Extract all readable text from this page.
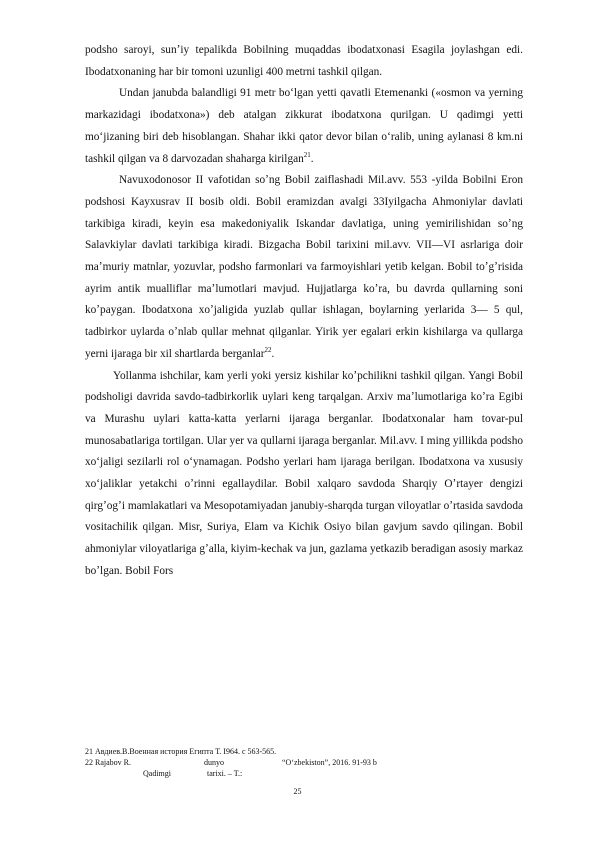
podsho saroyi, sunʼiy tepalikda Bobilning muqaddas ibodatxonasi Esagila joylashgan edi. Ibodatxonaning har bir tomoni uzunligi 400 metrni tashkil qilgan.

Undan janubda balandligi 91 metr bo‘lgan yetti qavatli Etemenanki («osmon va yerning markazidagi ibodatxona») deb atalgan zikkurat ibodatxona qurilgan. U qadimgi yetti mo‘jizaning biri deb hisoblangan. Shahar ikki qator devor bilan o‘ralib, uning aylanasi 8 km.ni tashkil qilgan va 8 darvozadan shaharga kirilgan$^{21}$.

Navuxodonosor II vafotidan soʼng Bobil zaiflashadi Mil.avv. 553 -yilda Bobilni Eron podshosi Kayxusrav II bosib oldi. Bobil eramizdan avalgi 33Iyilgacha Ahmoniylar davlati tarkibiga kiradi, keyin esa makedoniyalik Iskandar davlatiga, uning yemirilishidan soʼng Salavkiylar davlati tarkibiga kiradi. Bizgacha Bobil tarixini mil.avv. VII—VI asrlariga doir maʼmuriy matnlar, yozuvlar, podsho farmonlari va farmoyishlari yetib kelgan. Bobil toʼgʼrisida ayrim antik mualliflar maʼlumotlari mavjud. Hujjatlarga koʼra, bu davrda qullarning soni koʼpaygan. Ibodatxona xoʼjaligida yuzlab qullar ishlagan, boylarning yerlarida 3— 5 qul, tadbirkor uylarda oʼnlab qullar mehnat qilganlar. Yirik yer egalari erkin kishilarga va qullarga yerni ijaraga bir xil shartlarda berganlar$^{22}$.

Yollanma ishchilar, kam yerli yoki yersiz kishilar koʼpchilikni tashkil qilgan. Yangi Bobil podsholigi davrida savdo-tadbirkorlik uylari keng tarqalgan. Arxiv maʼlumotlariga koʼra Egibi va Murashu uylari katta-katta yerlarni ijaraga berganlar. Ibodatxonalar ham tovar-pul munosabatlariga tortilgan. Ular yer va qullarni ijaraga berganlar. Mil.avv. I ming yillikda podsho xo‘jaligi sezilarli rol o‘ynamagan. Podsho yerlari ham ijaraga berilgan. Ibodatxona va xususiy xo‘jaliklar yetakchi oʼrinni egallaydilar. Bobil xalqaro savdoda Sharqiy Oʼrtayer dengizi qirgʼogʼi mamlakatlari va Mesopotamiyadan janubiy-sharqda turgan viloyatlar oʼrtasida savdoda vositachilik qilgan. Misr, Suriya, Elam va Kichik Osiyo bilan gavjum savdo qilingan. Bobil ahmoniylar viloyatlariga gʼalla, kiyim-kechak va jun, gazlama yetkazib beradigan asosiy markaz boʼlgan. Bobil Fors

21 Авдиев.В.Военная история Египта Т. I964. с 563-565.
22 Rajabov R.	dunyo	“O‘zbekiston”, 2016. 91-93 b
Qadimgi	tarixi. – T.:
25
